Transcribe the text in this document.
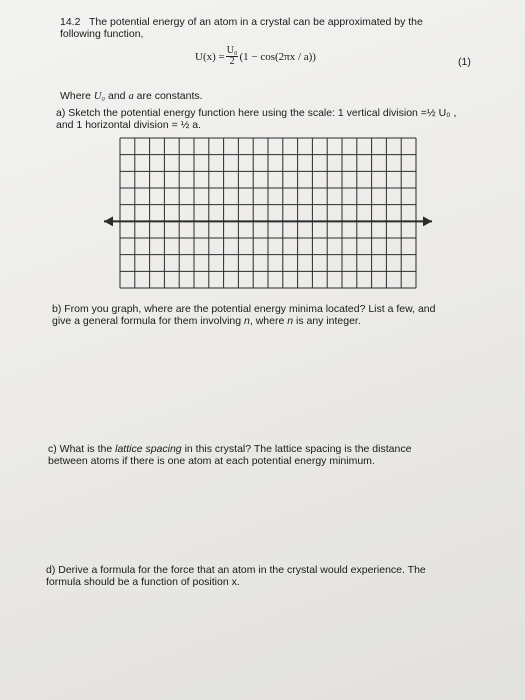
14.2 The potential energy of an atom in a crystal can be approximated by the
following function,
$U(x) = \frac{\text{U₀}}{2} (1 - \cos(2\pi x / a))$	(1)
Where U₀ and a are constants.
a) Sketch the potential energy function here using the scale: 1 vertical division =½ U₀ ,
and 1 horizontal division = ½ a.
b) From you graph, where are the potential energy minima located? List a few, and
give a general formula for them involving n, where n is any integer.
c) What is the lattice spacing in this crystal? The lattice spacing is the distance
between atoms if there is one atom at each potential energy minimum.
d) Derive a formula for the force that an atom in the crystal would experience. The
formula should be a function of position x.
